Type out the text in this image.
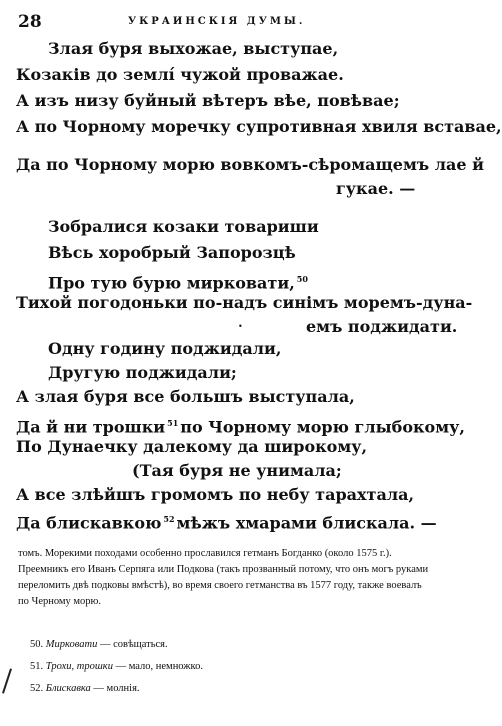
28	УКРАИНСКІЯ ДУМЫ.
Злая буря выхожае, выступае,
Козаків до землі́ чужой проважае.
А изъ низу буйный вѣтеръ вѣе, повѣвае;
А по Чорному моречку супротивная хвиля вставае,
Да по Чорному морю вовкомъ-сѣромащемъ лае й
гукае. —
Зобралися козаки товариши
Вѣсь хоробрый Запорозцѣ
Про тую бурю мирковати, $^{50}$
Тихой погодоньки по-надъ синімъ моремъ-дуна-
емъ поджидати.
Одну годину поджидали,
Другую поджидали;
А злая буря все большъ выступала,
Да й ни трошки $^{51}$ по Чорному морю глыбокому,
По Дунаечку далекому да широкому,
(Тая буря не унимала;
А все злѣйшъ громомъ по небу тарахтала,
Да блискавкою $^{52}$ мѣжъ хмарами блискала. —
•
томъ. Морекими походами особенно прославился гетманъ Богданко (около 1575 г.). Преемникъ его Иванъ Серпяга или Подкова (такъ прозванный потому, что онъ могъ руками переломить двѣ подковы вмѣстѣ), во время своего гетманства въ 1577 году, также воевалъ по Черному морю.
50. Мирковати — совѣщаться.
51. Трохи, трошки — мало, немножко.
52. Блискавка — молнія.
